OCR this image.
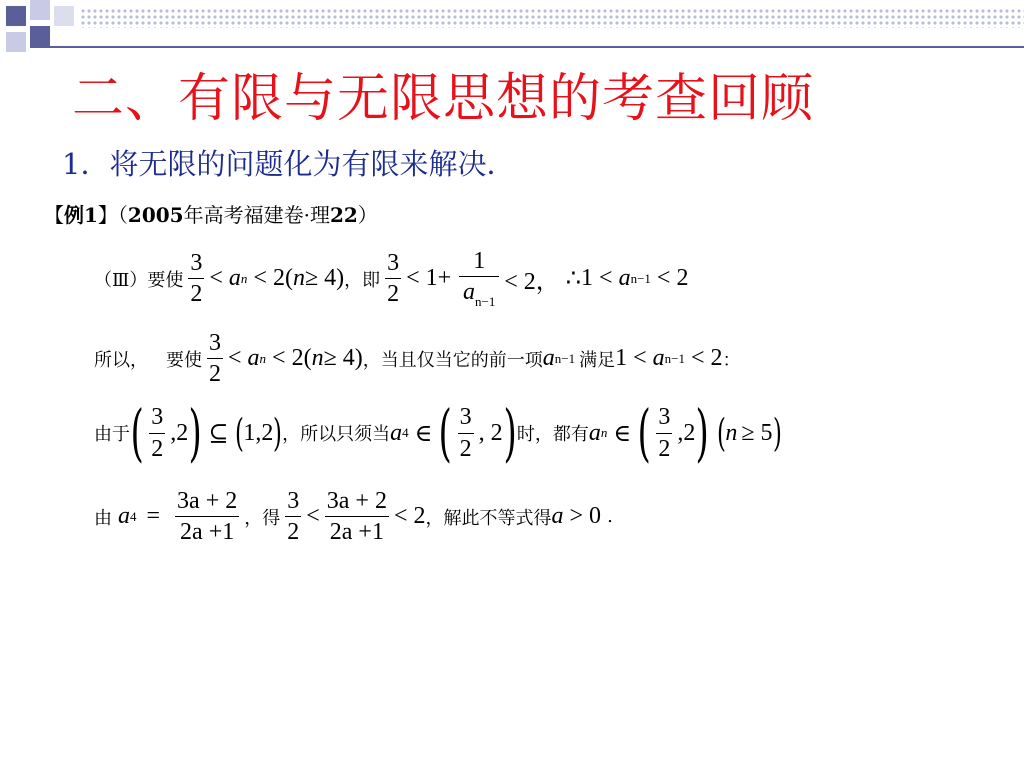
二、有限与无限思想的考查回顾
1．将无限的问题化为有限来解决．
【例1】（2005年高考福建卷·理22）
（Ⅲ）要使 $\frac{3}{2} < a$ n < 2( n ≥ 4) ，即 $\frac{3}{2} < 1+ \frac{1}{a_{n-1}} < 2$， ∴ 1 < a n−1 < 2
所以， 要使 $\frac{3}{2} < a$ n < 2( n ≥ 4) ，当且仅当它的前一项 a n−1 满足 1 < a n−1 < 2 ：
由于 ( $\frac{3}{2} ,2$ ) ⊆ ( 1,2 ) ，所以只须当 a 4 ∈ ( $\frac{3}{2}$ , 2 ) 时，都有 a n ∈ ( $\frac{3}{2} ,2$ ) ( n ≥ 5 )
由 a $4 = \frac{3a + 2}{2a +1}$ ，得 $\frac{3}{2} < \frac{3a + 2}{2a +1} < 2$ ，解此不等式得 a > 0 .
